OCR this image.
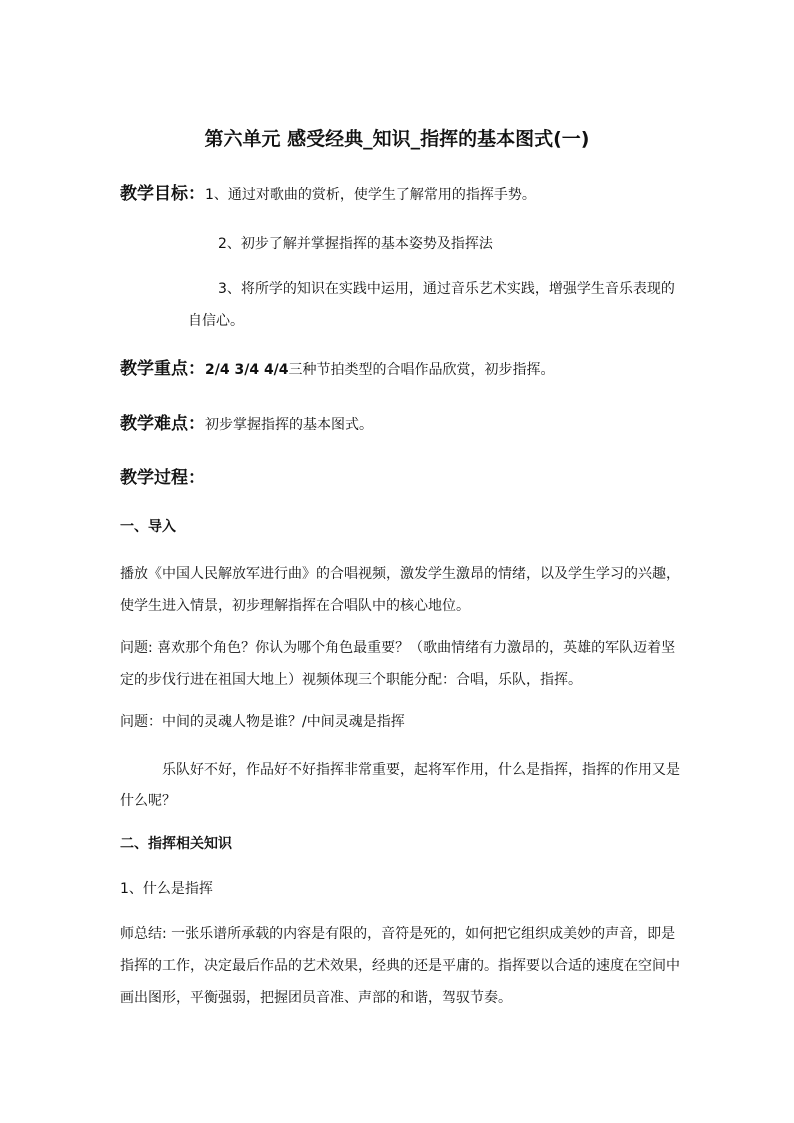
第六单元 感受经典_知识_指挥的基本图式(一)
教学目标：1、通过对歌曲的赏析，使学生了解常用的指挥手势。
2、初步了解并掌握指挥的基本姿势及指挥法
3、将所学的知识在实践中运用，通过音乐艺术实践，增强学生音乐表现的
自信心。
教学重点：2/4 3/4 4/4三种节拍类型的合唱作品欣赏，初步指挥。
教学难点：初步掌握指挥的基本图式。
教学过程：
一、导入
播放《中国人民解放军进行曲》的合唱视频，激发学生激昂的情绪，以及学生学习的兴趣，
使学生进入情景，初步理解指挥在合唱队中的核心地位。
问题: 喜欢那个角色？你认为哪个角色最重要？（歌曲情绪有力激昂的，英雄的军队迈着坚
定的步伐行进在祖国大地上）视频体现三个职能分配：合唱，乐队，指挥。
问题：中间的灵魂人物是谁？/中间灵魂是指挥
乐队好不好，作品好不好指挥非常重要，起将军作用，什么是指挥，指挥的作用又是
什么呢？
二、指挥相关知识
1、什么是指挥
师总结: 一张乐谱所承载的内容是有限的，音符是死的，如何把它组织成美妙的声音，即是
指挥的工作，决定最后作品的艺术效果，经典的还是平庸的。指挥要以合适的速度在空间中
画出图形，平衡强弱，把握团员音准、声部的和谐，驾驭节奏。
